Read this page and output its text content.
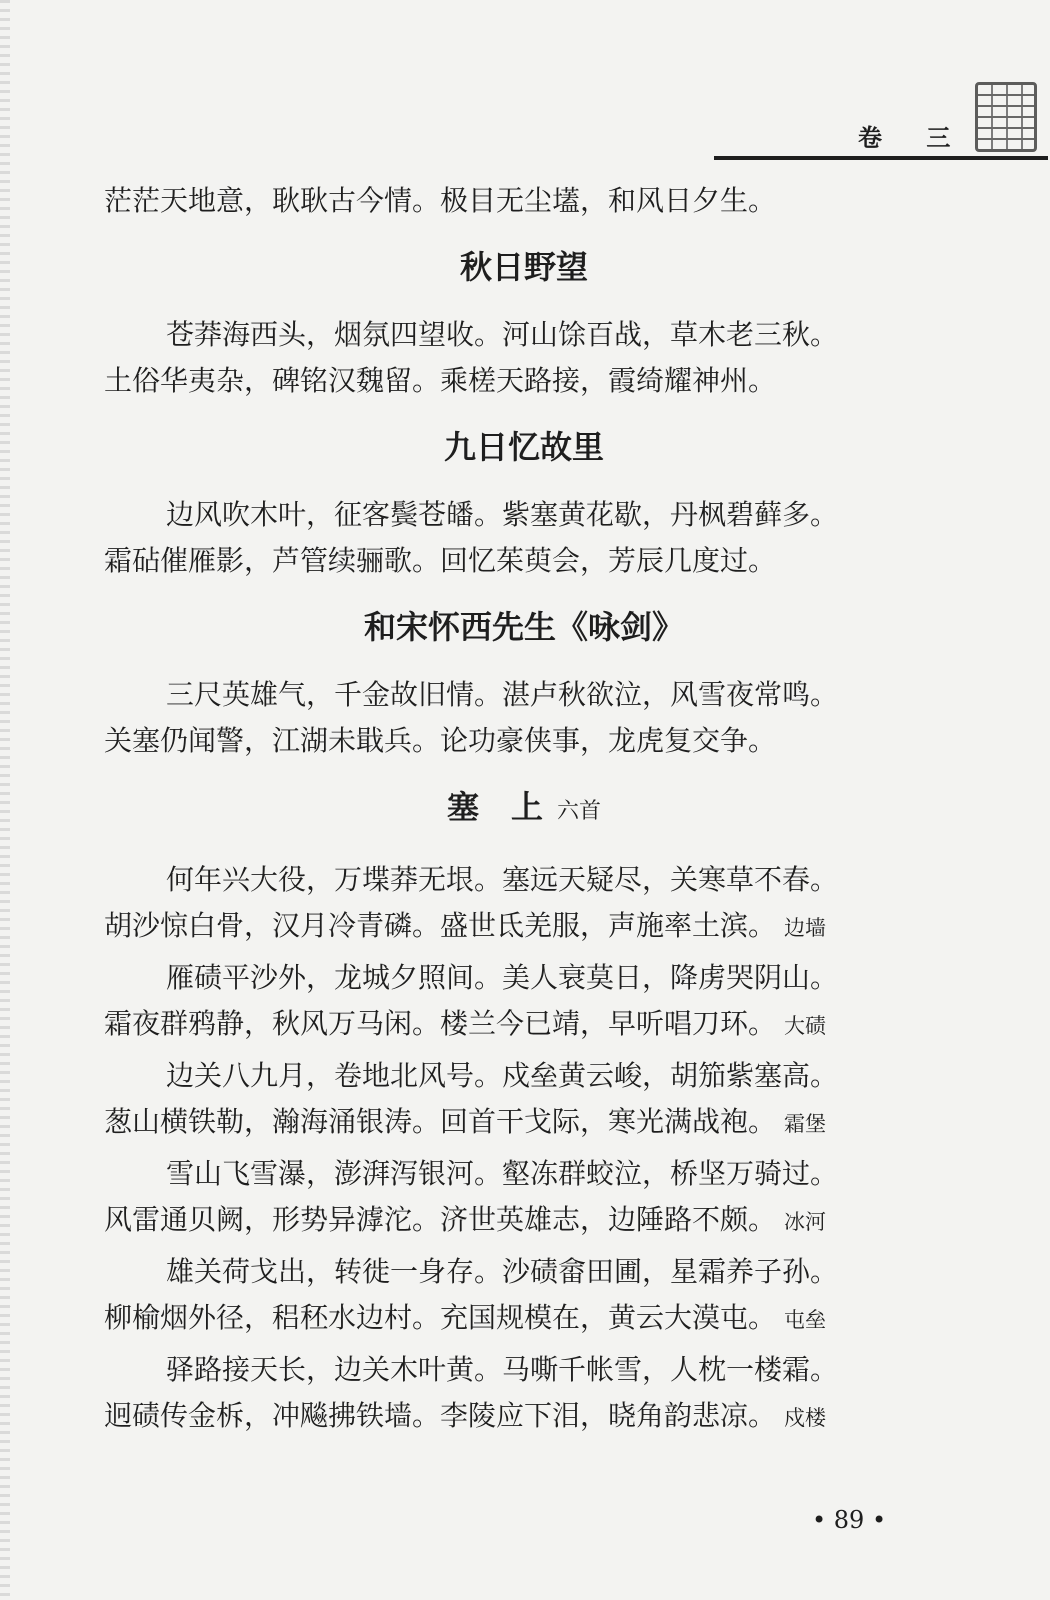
卷 三
茫茫天地意，耿耿古今情。极目无尘壒，和风日夕生。
秋日野望
苍莽海西头，烟氛四望收。河山馀百战，草木老三秋。
土俗华夷杂，碑铭汉魏留。乘槎天路接，霞绮耀神州。
九日忆故里
边风吹木叶，征客鬓苍皤。紫塞黄花歇，丹枫碧藓多。
霜砧催雁影，芦管续骊歌。回忆茱萸会，芳辰几度过。
和宋怀西先生《咏剑》
三尺英雄气，千金故旧情。湛卢秋欲泣，风雪夜常鸣。
关塞仍闻警，江湖未戢兵。论功豪侠事，龙虎复交争。
塞　上 六首
何年兴大役，万堞莽无垠。塞远天疑尽，关寒草不春。
胡沙惊白骨，汉月冷青磷。盛世氐羌服，声施率土滨。 边墙
雁碛平沙外，龙城夕照间。美人衰莫日，降虏哭阴山。
霜夜群鸦静，秋风万马闲。楼兰今已靖，早听唱刀环。 大碛
边关八九月，卷地北风号。戍垒黄云峻，胡笳紫塞高。
葱山横铁勒，瀚海涌银涛。回首干戈际，寒光满战袍。 霜堡
雪山飞雪瀑，澎湃泻银河。壑冻群蛟泣，桥坚万骑过。
风雷通贝阙，形势异滹沱。济世英雄志，边陲路不颇。 冰河
雄关荷戈出，转徙一身存。沙碛畲田圃，星霜养子孙。
柳榆烟外径，稆秠水边村。充国规模在，黄云大漠屯。 屯垒
驿路接天长，边关木叶黄。马嘶千帐雪，人枕一楼霜。
迥碛传金柝，冲飚拂铁墙。李陵应下泪，晓角韵悲凉。 戍楼
• 89 •
